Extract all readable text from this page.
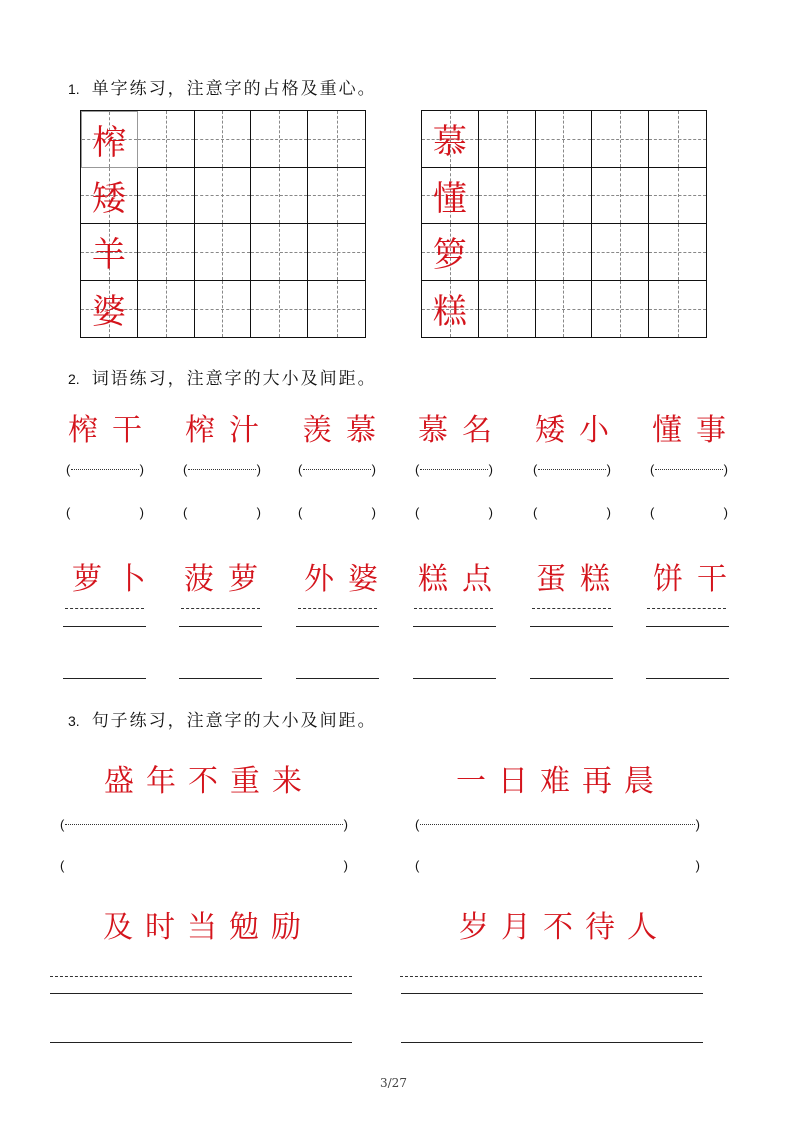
1. 单字练习，注意字的占格及重心。
榨
矮
羊
婆
慕
懂
箩
糕
2. 词语练习，注意字的大小及间距。
榨干 榨汁 羡慕 慕名 矮小 懂事
(	)	(	)	(	)	(	)	(	)	(	)
(	)	(	)	(	)	(	)	(	)	(	)
萝卜 菠萝 外婆 糕点 蛋糕 饼干
3. 句子练习，注意字的大小及间距。
盛年不重来	一日难再晨
(	)	(	)
(	)	(	)
及时当勉励	岁月不待人
3/27
